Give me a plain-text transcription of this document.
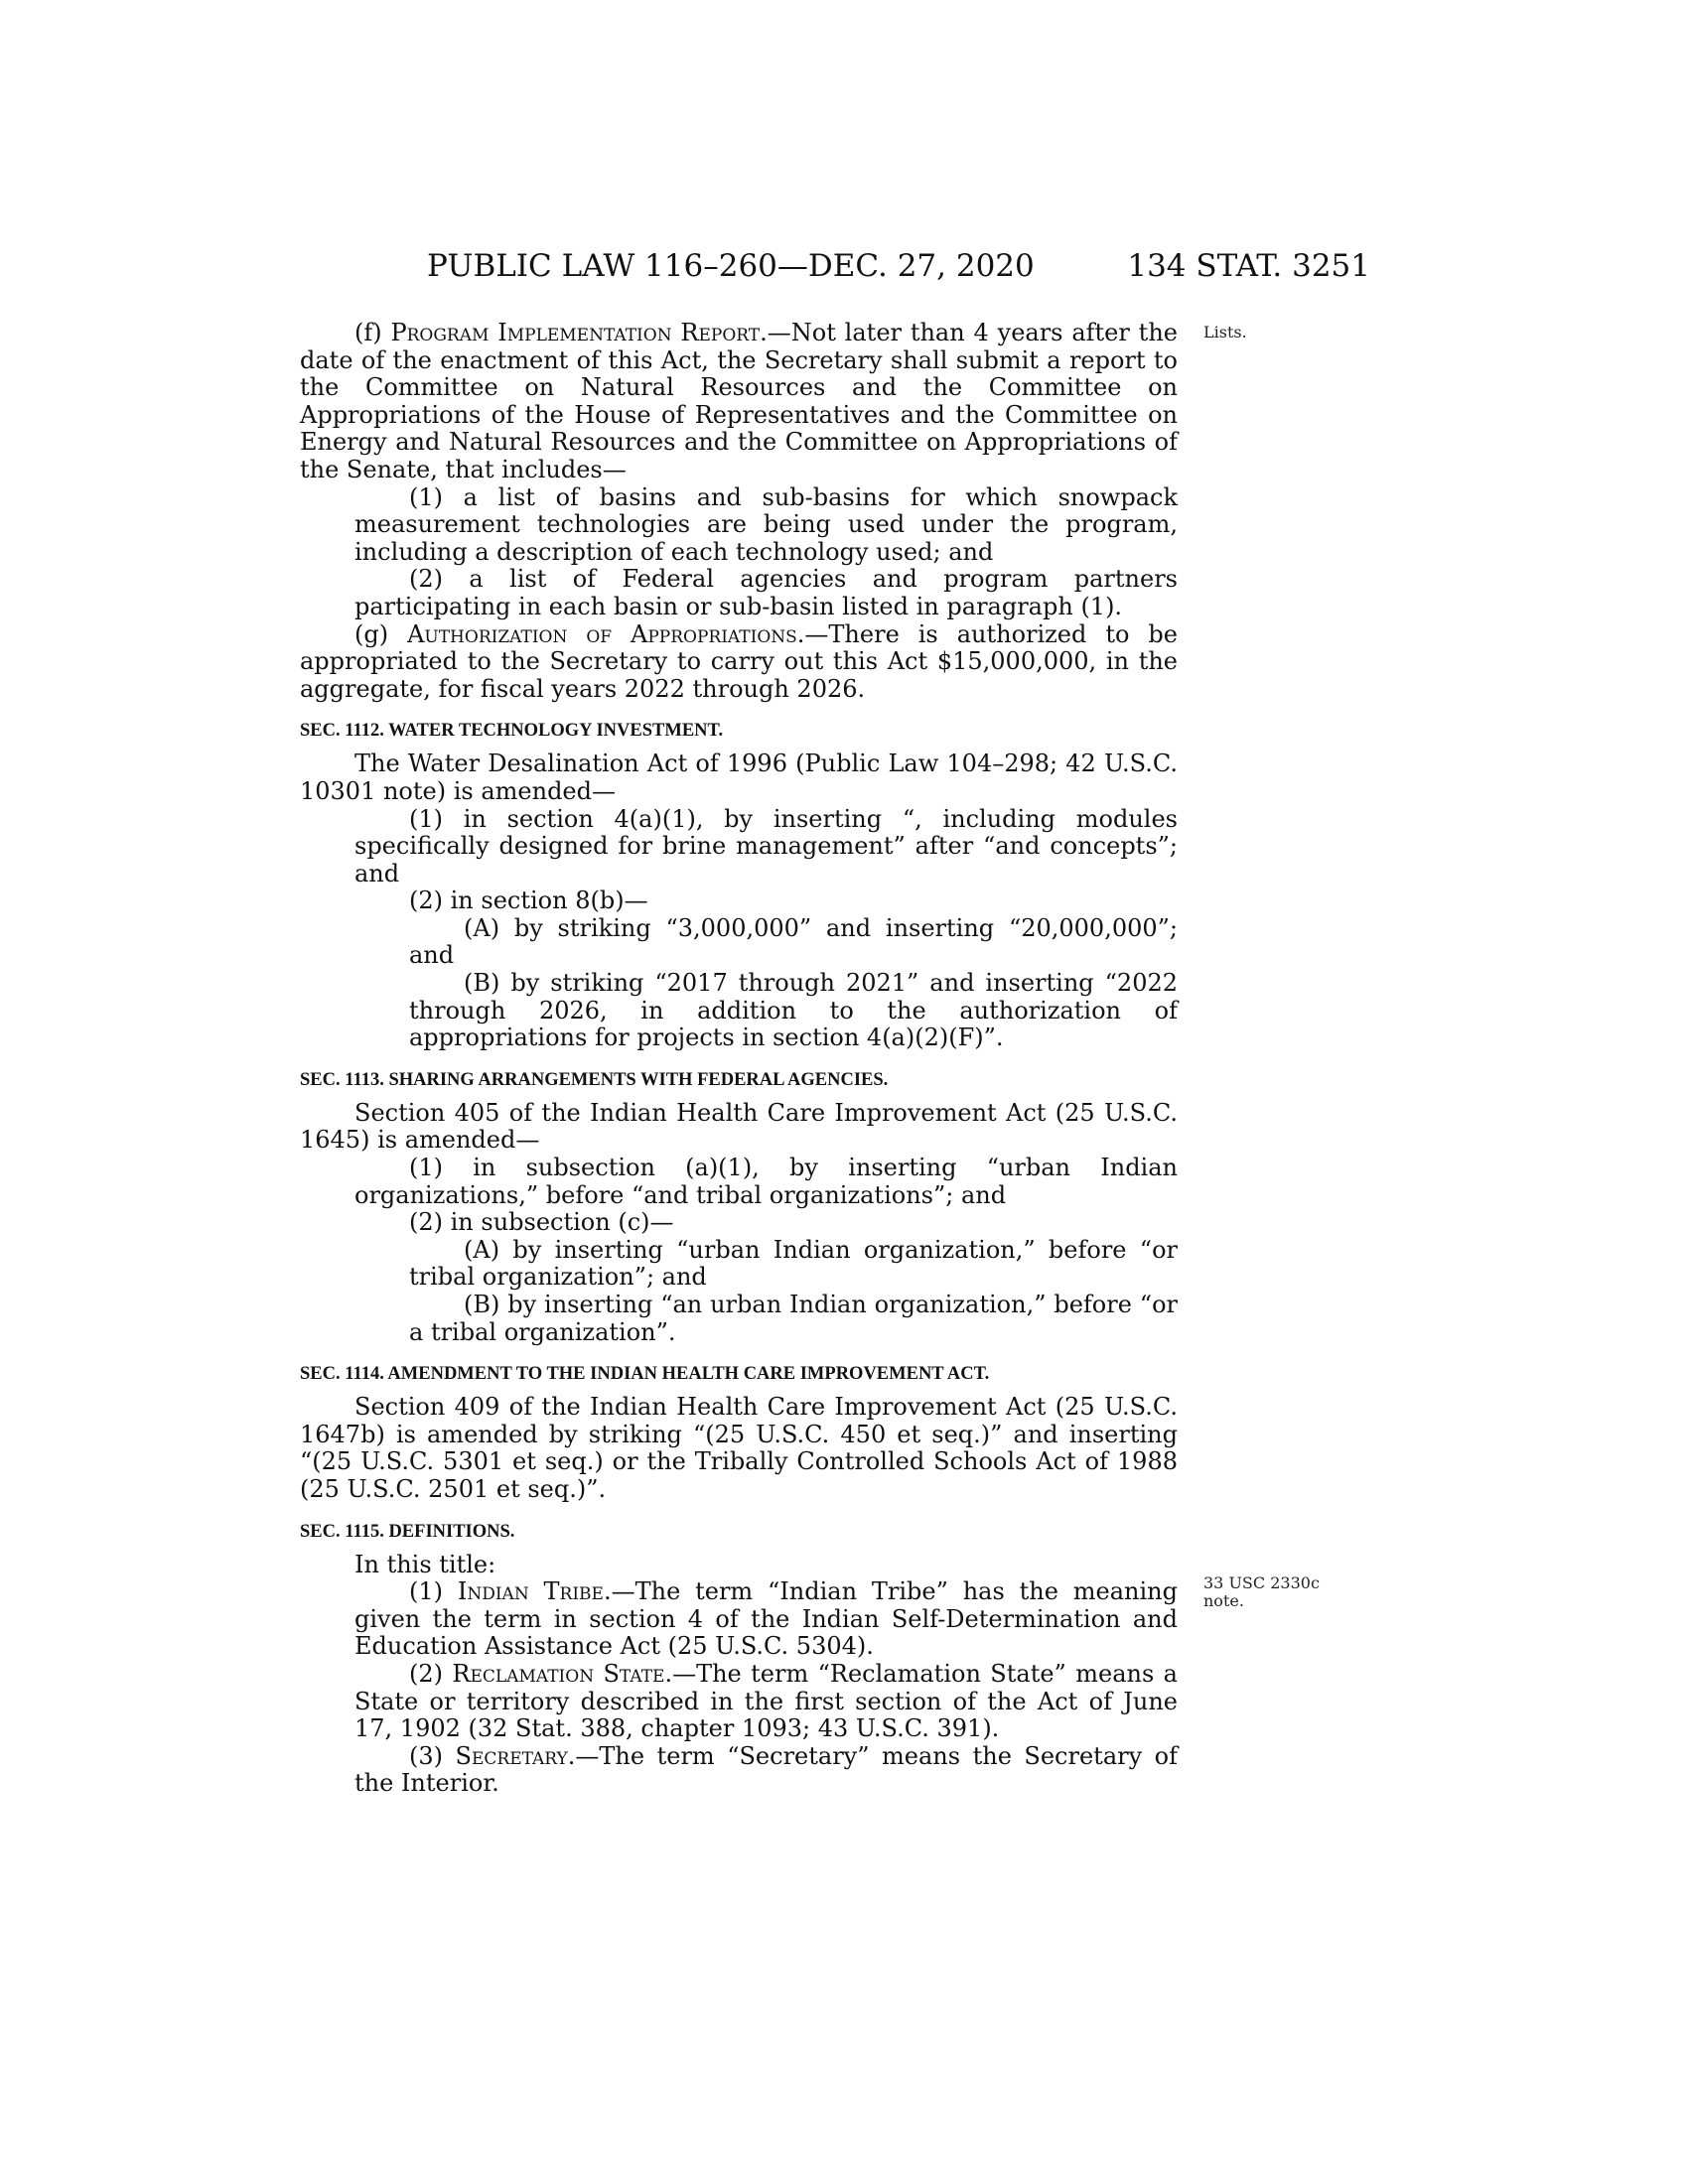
PUBLIC LAW 116–260—DEC. 27, 2020	134 STAT. 3251
Lists.
33 USC 2330c
note.

(f) Program Implementation Report.—Not later than 4 years after the date of the enactment of this Act, the Secretary shall submit a report to the Committee on Natural Resources and the Committee on Appropriations of the House of Representatives and the Committee on Energy and Natural Resources and the Committee on Appropriations of the Senate, that includes—

(1) a list of basins and sub-basins for which snowpack measurement technologies are being used under the program, including a description of each technology used; and

(2) a list of Federal agencies and program partners participating in each basin or sub-basin listed in paragraph (1).

(g) Authorization of Appropriations.—There is authorized to be appropriated to the Secretary to carry out this Act $15,000,000, in the aggregate, for fiscal years 2022 through 2026.

SEC. 1112. WATER TECHNOLOGY INVESTMENT.

The Water Desalination Act of 1996 (Public Law 104–298; 42 U.S.C. 10301 note) is amended—

(1) in section 4(a)(1), by inserting “, including modules specifically designed for brine management” after “and concepts”; and

(2) in section 8(b)—

(A) by striking “3,000,000” and inserting “20,000,000”; and

(B) by striking “2017 through 2021” and inserting “2022 through 2026, in addition to the authorization of appropriations for projects in section 4(a)(2)(F)”.

SEC. 1113. SHARING ARRANGEMENTS WITH FEDERAL AGENCIES.

Section 405 of the Indian Health Care Improvement Act (25 U.S.C. 1645) is amended—

(1) in subsection (a)(1), by inserting “urban Indian organizations,” before “and tribal organizations”; and

(2) in subsection (c)—

(A) by inserting “urban Indian organization,” before “or tribal organization”; and

(B) by inserting “an urban Indian organization,” before “or a tribal organization”.

SEC. 1114. AMENDMENT TO THE INDIAN HEALTH CARE IMPROVEMENT ACT.

Section 409 of the Indian Health Care Improvement Act (25 U.S.C. 1647b) is amended by striking “(25 U.S.C. 450 et seq.)” and inserting “(25 U.S.C. 5301 et seq.) or the Tribally Controlled Schools Act of 1988 (25 U.S.C. 2501 et seq.)”.

SEC. 1115. DEFINITIONS.

In this title:

(1) Indian Tribe.—The term “Indian Tribe” has the meaning given the term in section 4 of the Indian Self-Determination and Education Assistance Act (25 U.S.C. 5304).

(2) Reclamation State.—The term “Reclamation State” means a State or territory described in the first section of the Act of June 17, 1902 (32 Stat. 388, chapter 1093; 43 U.S.C. 391).

(3) Secretary.—The term “Secretary” means the Secretary of the Interior.
